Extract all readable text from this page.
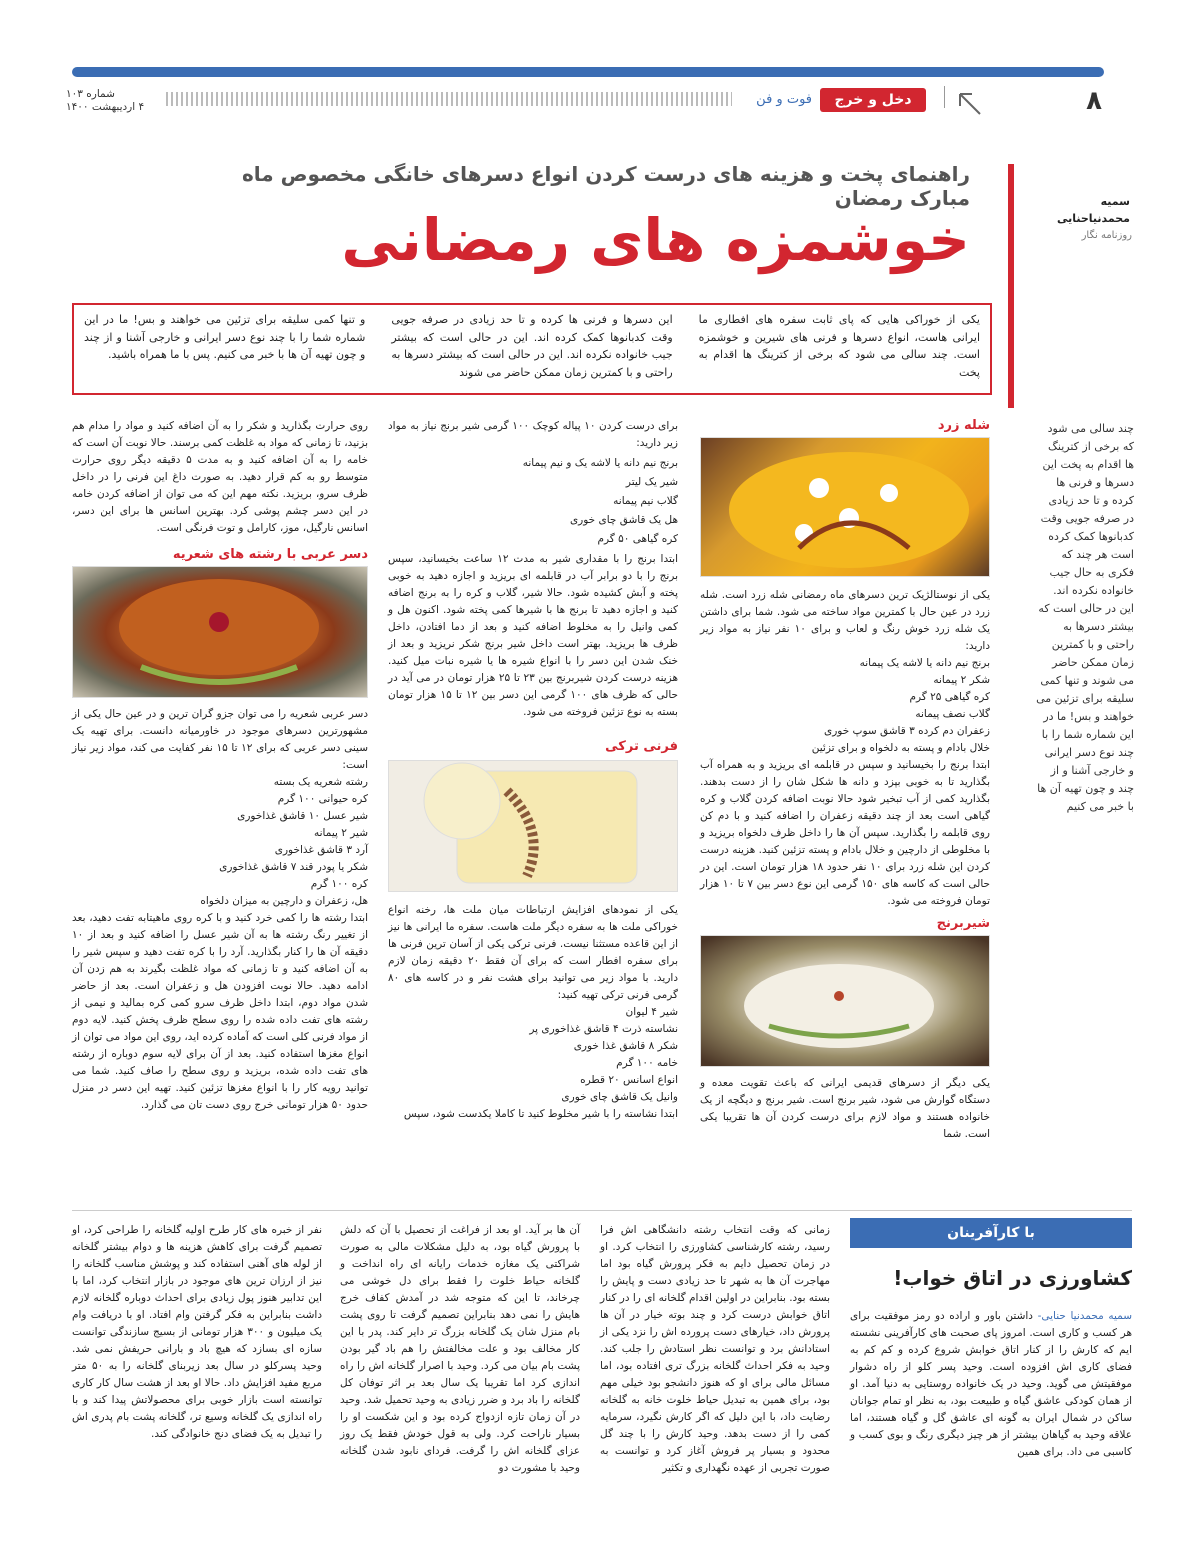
۸
دخل و خرج
فوت و فن
شماره ۱۰۳
۴ اردیبهشت ۱۴۰۰
سمیه
محمدنیاحنایی
روزنامه نگار
راهنمای پخت و هزینه های درست کردن انواع دسرهای خانگی مخصوص ماه مبارک رمضان
خوشمزه های رمضانی

یکی از خوراکی هایی که پای ثابت سفره های افطاری ما ایرانی هاست، انواع دسرها و فرنی های شیرین و خوشمزه است. چند سالی می شود که برخی از کترینگ ها اقدام به پخت

این دسرها و فرنی ها کرده و تا حد زیادی در صرفه جویی وقت کدبانوها کمک کرده اند. این در حالی است که بیشتر جیب خانواده نکرده اند. این در حالی است که بیشتر دسرها به راحتی و با کمترین زمان ممکن حاضر می شوند

و تنها کمی سلیقه برای تزئین می خواهند و بس! ما در این شماره شما را با چند نوع دسر ایرانی و خارجی آشنا و از چند و چون تهیه آن ها با خبر می کنیم. پس با ما همراه باشید.

چند سالی می شود که برخی از کترینگ ها اقدام به پخت این دسرها و فرنی ها کرده و تا حد زیادی در صرفه جویی وقت کدبانوها کمک کرده است هر چند که فکری به حال جیب خانواده نکرده اند. این در حالی است که بیشتر دسرها به راحتی و با کمترین زمان ممکن حاضر می شوند و تنها کمی سلیقه برای تزئین می خواهند و بس! ما در این شماره شما را با چند نوع دسر ایرانی و خارجی آشنا و از چند و چون تهیه آن ها با خبر می کنیم
شله زرد

یکی از نوستالژیک ترین دسرهای ماه رمضانی شله زرد است. شله زرد در عین حال با کمترین مواد ساخته می شود. شما برای داشتن یک شله زرد خوش رنگ و لعاب و برای ۱۰ نفر نیاز به مواد زیر دارید:

برنج نیم دانه یا لاشه یک پیمانه
شکر ۲ پیمانه
کره گیاهی ۲۵ گرم
گلاب نصف پیمانه
زعفران دم کرده ۳ قاشق سوپ خوری
خلال بادام و پسته به دلخواه و برای تزئین

ابتدا برنج را بخیسانید و سپس در قابلمه ای بریزید و به همراه آب بگذارید تا به خوبی بپزد و دانه ها شکل شان را از دست بدهند. بگذارید کمی از آب تبخیر شود حالا نوبت اضافه کردن گلاب و کره گیاهی است بعد از چند دقیقه زعفران را اضافه کنید و با دم کن روی قابلمه را بگذارید. سپس آن ها را داخل ظرف دلخواه بریزید و با مخلوطی از دارچین و خلال بادام و پسته تزئین کنید. هزینه درست کردن این شله زرد برای ۱۰ نفر حدود ۱۸ هزار تومان است. این در حالی است که کاسه های ۱۵۰ گرمی این نوع دسر بین ۷ تا ۱۰ هزار تومان فروخته می شود.

شیربرنج

یکی دیگر از دسرهای قدیمی ایرانی که باعث تقویت معده و دستگاه گوارش می شود، شیر برنج است. شیر برنج و دیگچه از یک خانواده هستند و مواد لازم برای درست کردن آن ها تقریبا یکی است. شما

برای درست کردن ۱۰ پیاله کوچک ۱۰۰ گرمی شیر برنج نیاز به مواد زیر دارید:

برنج نیم دانه یا لاشه یک و نیم پیمانه
شیر یک لیتر
گلاب نیم پیمانه
هل یک قاشق چای خوری
کره گیاهی ۵۰ گرم

ابتدا برنج را با مقداری شیر به مدت ۱۲ ساعت بخیسانید، سپس برنج را با دو برابر آب در قابلمه ای بریزید و اجازه دهید به خوبی پخته و آبش کشیده شود. حالا شیر، گلاب و کره را به برنج اضافه کنید و اجازه دهید تا برنج ها با شیرها کمی پخته شود. اکنون هل و کمی وانیل را به مخلوط اضافه کنید و بعد از دما افتادن، داخل ظرف ها بریزید. بهتر است داخل شیر برنج شکر نریزید و بعد از خنک شدن این دسر را با انواع شیره ها یا شیره نبات میل کنید. هزینه درست کردن شیربرنج بین ۲۳ تا ۲۵ هزار تومان در می آید در حالی که ظرف های ۱۰۰ گرمی این دسر بین ۱۲ تا ۱۵ هزار تومان بسته به نوع تزئین فروخته می شود.

فرنی ترکی

یکی از نمودهای افزایش ارتباطات میان ملت ها، رخنه انواع خوراکی ملت ها به سفره دیگر ملت هاست. سفره ما ایرانی ها نیز از این قاعده مستثنا نیست. فرنی ترکی یکی از آسان ترین فرنی ها برای سفره افطار است که برای آن فقط ۲۰ دقیقه زمان لازم دارید. با مواد زیر می توانید برای هشت نفر و در کاسه های ۸۰ گرمی فرنی ترکی تهیه کنید:

شیر ۴ لیوان
نشاسته ذرت ۴ قاشق غذاخوری پر
شکر ۸ قاشق غذا خوری
خامه ۱۰۰ گرم
انواع اسانس ۲۰ قطره
وانیل یک قاشق چای خوری

ابتدا نشاسته را با شیر مخلوط کنید تا کاملا یکدست شود، سپس

روی حرارت بگذارید و شکر را به آن اضافه کنید و مواد را مدام هم بزنید، تا زمانی که مواد به غلظت کمی برسند. حالا نوبت آن است که خامه را به آن اضافه کنید و به مدت ۵ دقیقه دیگر روی حرارت متوسط رو به کم قرار دهید. به صورت داغ این فرنی را در داخل ظرف سرو، بریزید. نکته مهم این که می توان از اضافه کردن خامه در این دسر چشم پوشی کرد. بهترین اسانس ها برای این دسر، اسانس نارگیل، موز، کارامل و توت فرنگی است.

دسر عربی با رشته های شعریه

دسر عربی شعریه را می توان جزو گران ترین و در عین حال یکی از مشهورترین دسرهای موجود در خاورمیانه دانست. برای تهیه یک سینی دسر عربی که برای ۱۲ تا ۱۵ نفر کفایت می کند، مواد زیر نیاز است:

رشته شعریه یک بسته
کره حیوانی ۱۰۰ گرم
شیر عسل ۱۰ قاشق غذاخوری
شیر ۲ پیمانه
آرد ۳ قاشق غذاخوری
شکر یا پودر قند ۷ قاشق غذاخوری
کره ۱۰۰ گرم
هل، زعفران و دارچین به میزان دلخواه

ابتدا رشته ها را کمی خرد کنید و با کره روی ماهیتابه تفت دهید، بعد از تغییر رنگ رشته ها به آن شیر عسل را اضافه کنید و بعد از ۱۰ دقیقه آن ها را کنار بگذارید. آرد را با کره تفت دهید و سپس شیر را به آن اضافه کنید و تا زمانی که مواد غلظت بگیرند به هم زدن آن ادامه دهید. حالا نوبت افزودن هل و زعفران است. بعد از حاضر شدن مواد دوم، ابتدا داخل ظرف سرو کمی کره بمالید و نیمی از رشته های تفت داده شده را روی سطح ظرف پخش کنید. لایه دوم از مواد فرنی کلی است که آماده کرده اید، روی این مواد می توان از انواع مغزها استفاده کنید. بعد از آن برای لایه سوم دوباره از رشته های تفت داده شده، بریزید و روی سطح را صاف کنید. شما می توانید رویه کار را با انواع مغزها تزئین کنید. تهیه این دسر در منزل حدود ۵۰ هزار تومانی خرج روی دست تان می گذارد.

با کارآفرینان
کشاورزی در اتاق خواب!

سمیه محمدنیا حنایی- داشتن باور و اراده دو رمز موفقیت برای هر کسب و کاری است. امروز پای صحبت های کارآفرینی نشسته ایم که کارش را از کنار اتاق خوابش شروع کرده و کم کم به فضای کاری اش افزوده است. وحید پسر کلو از راه دشوار موفقیتش می گوید. وحید در یک خانواده روستایی به دنیا آمد. او از همان کودکی عاشق گیاه و طبیعت بود، به نظر او تمام جوانان ساکن در شمال ایران به گونه ای عاشق گل و گیاه هستند، اما علاقه وحید به گیاهان بیشتر از هر چیز دیگری رنگ و بوی کسب و کاسبی می داد. برای همین

زمانی که وقت انتخاب رشته دانشگاهی اش فرا رسید، رشته کارشناسی کشاورزی را انتخاب کرد. او در زمان تحصیل دایم به فکر پرورش گیاه بود اما مهاجرت آن ها به شهر تا حد زیادی دست و پایش را بسته بود. بنابراین در اولین اقدام گلخانه ای را در کنار اتاق خوابش درست کرد و چند بوته خیار در آن ها پرورش داد، خیارهای دست پرورده اش را نزد یکی از استادانش برد و توانست نظر استادش را جلب کند. وحید به فکر احداث گلخانه بزرگ تری افتاده بود، اما مسائل مالی برای او که هنوز دانشجو بود خیلی مهم بود، برای همین به تبدیل حیاط خلوت خانه به گلخانه رضایت داد، با این دلیل که اگر کارش نگیرد، سرمایه کمی را از دست بدهد. وحید کارش را با چند گل محدود و بسیار پر فروش آغاز کرد و توانست به صورت تجربی از عهده نگهداری و تکثیر

آن ها بر آید. او بعد از فراغت از تحصیل با آن که دلش با پرورش گیاه بود، به دلیل مشکلات مالی به صورت شراکتی یک مغازه خدمات رایانه ای راه انداخت و گلخانه حیاط خلوت را فقط برای دل خوشی می چرخاند، تا این که متوجه شد در آمدش کفاف خرج هایش را نمی دهد بنابراین تصمیم گرفت تا روی پشت بام منزل شان یک گلخانه بزرگ تر دایر کند. پدر با این کار مخالف بود و علت مخالفتش را هم باد گیر بودن پشت بام بیان می کرد. وحید با اصرار گلخانه اش را راه اندازی کرد اما تقریبا یک سال بعد بر اثر توفان کل گلخانه را باد برد و ضرر زیادی به وحید تحمیل شد. وحید در آن زمان تازه ازدواج کرده بود و این شکست او را بسیار ناراحت کرد. ولی به قول خودش فقط یک روز عزای گلخانه اش را گرفت. فردای نابود شدن گلخانه وحید با مشورت دو

نفر از خبره های کار طرح اولیه گلخانه را طراحی کرد، او تصمیم گرفت برای کاهش هزینه ها و دوام بیشتر گلخانه از لوله های آهنی استفاده کند و پوشش مناسب گلخانه را نیز از ارزان ترین های موجود در بازار انتخاب کرد، اما با این تدابیر هنوز پول زیادی برای احداث دوباره گلخانه لازم داشت بنابراین به فکر گرفتن وام افتاد. او با دریافت وام یک میلیون و ۳۰۰ هزار تومانی از بسیج سازندگی توانست سازه ای بسازد که هیچ باد و بارانی حریفش نمی شد. وحید پسرکلو در سال بعد زیربنای گلخانه را به ۵۰ متر مربع مفید افزایش داد. حالا او بعد از هشت سال کار کاری توانسته است بازار خوبی برای محصولاتش پیدا کند و با راه اندازی یک گلخانه وسیع تر، گلخانه پشت بام پدری اش را تبدیل به یک فضای دنج خانوادگی کند.
